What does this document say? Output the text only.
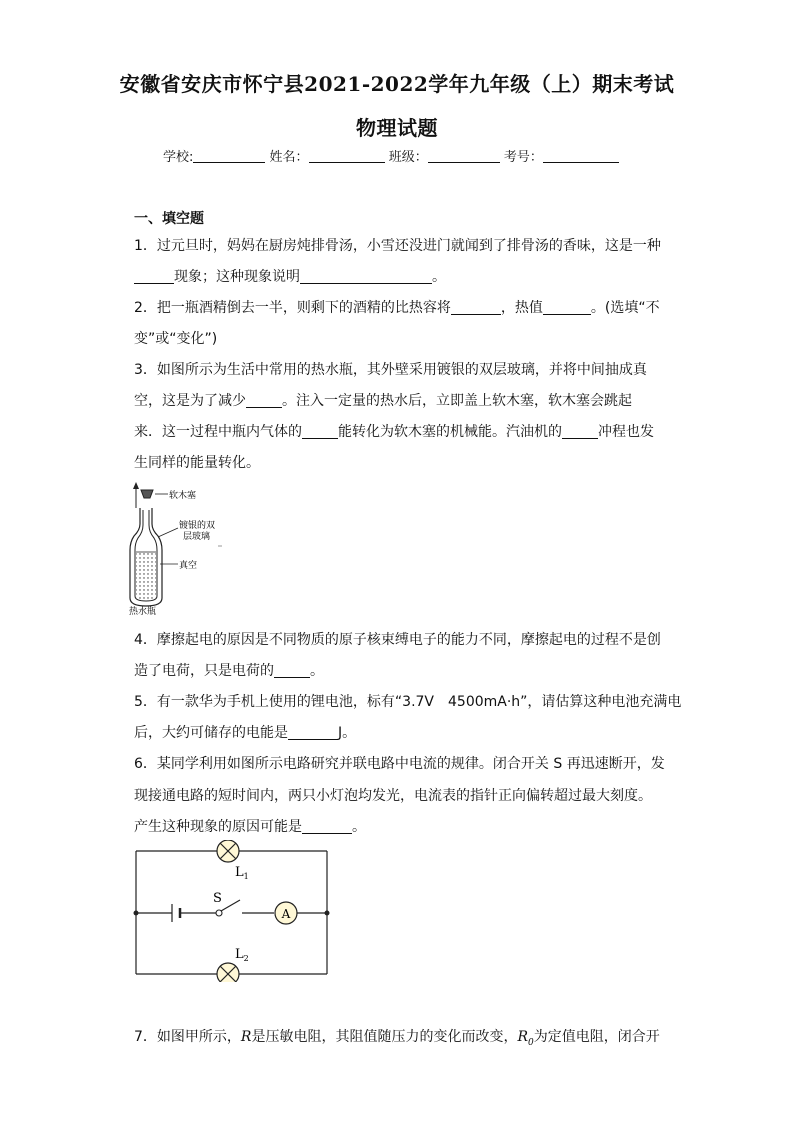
安徽省安庆市怀宁县2021-2022学年九年级（上）期末考试
物理试题
学校:	姓名：	班级：	考号：
一、填空题
1．过元旦时，妈妈在厨房炖排骨汤，小雪还没进门就闻到了排骨汤的香味，这是一种
现象；这种现象说明	。
2．把一瓶酒精倒去一半，则剩下的酒精的比热容将	，热值	。(选填“不
变”或“变化”)
3．如图所示为生活中常用的热水瓶，其外壁采用镀银的双层玻璃，并将中间抽成真
空，这是为了减少	。注入一定量的热水后，立即盖上软木塞，软木塞会跳起
来．这一过程中瓶内气体的	能转化为软木塞的机械能。汽油机的	冲程也发
生同样的能量转化。
软木塞
镀银的双
层玻璃
真空
热水瓶
4．摩擦起电的原因是不同物质的原子核束缚电子的能力不同，摩擦起电的过程不是创
造了电荷，只是电荷的	。
5．有一款华为手机上使用的锂电池，标有“3.7V　4500mA·h”，请估算这种电池充满电
后，大约可储存的电能是	J。
6．某同学利用如图所示电路研究并联电路中电流的规律。闭合开关 S 再迅速断开，发
现接通电路的短时间内，两只小灯泡均发光，电流表的指针正向偏转超过最大刻度。
产生这种现象的原因可能是	。
$L_1$
$L_2$
S
A
7．如图甲所示，R是压敏电阻，其阻值随压力的变化而改变，$R_0$为定值电阻，闭合开
